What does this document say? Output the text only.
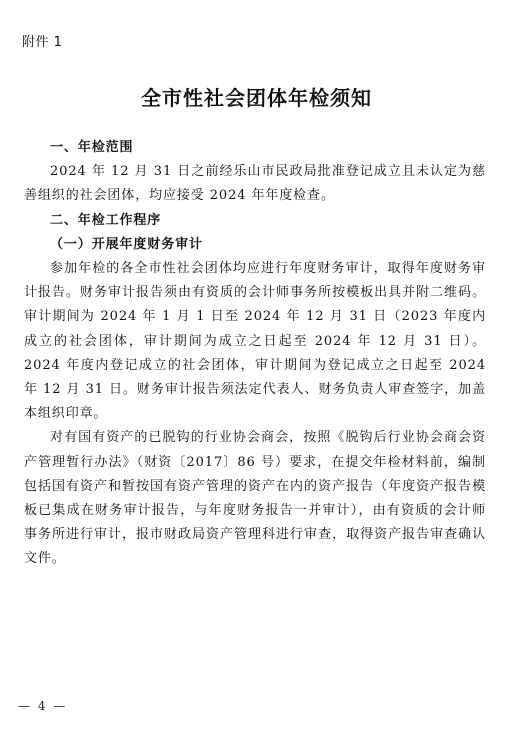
附件 1
全市性社会团体年检须知
一、年检范围

2024 年 12 月 31 日之前经乐山市民政局批准登记成立且未认定为慈善组织的社会团体，均应接受 2024 年年度检查。

二、年检工作程序
（一）开展年度财务审计

参加年检的各全市性社会团体均应进行年度财务审计，取得年度财务审计报告。财务审计报告须由有资质的会计师事务所按模板出具并附二维码。审计期间为 2024 年 1 月 1 日至 2024 年 12 月 31 日（2023 年度内成立的社会团体，审计期间为成立之日起至 2024 年 12 月 31 日）。2024 年度内登记成立的社会团体，审计期间为登记成立之日起至 2024 年 12 月 31 日。财务审计报告须法定代表人、财务负责人审查签字，加盖本组织印章。

对有国有资产的已脱钩的行业协会商会，按照《脱钩后行业协会商会资产管理暂行办法》（财资〔2017〕86 号）要求，在提交年检材料前，编制包括国有资产和暂按国有资产管理的资产在内的资产报告（年度资产报告模板已集成在财务审计报告，与年度财务报告一并审计），由有资质的会计师事务所进行审计，报市财政局资产管理科进行审查，取得资产报告审查确认文件。

— 4 —
